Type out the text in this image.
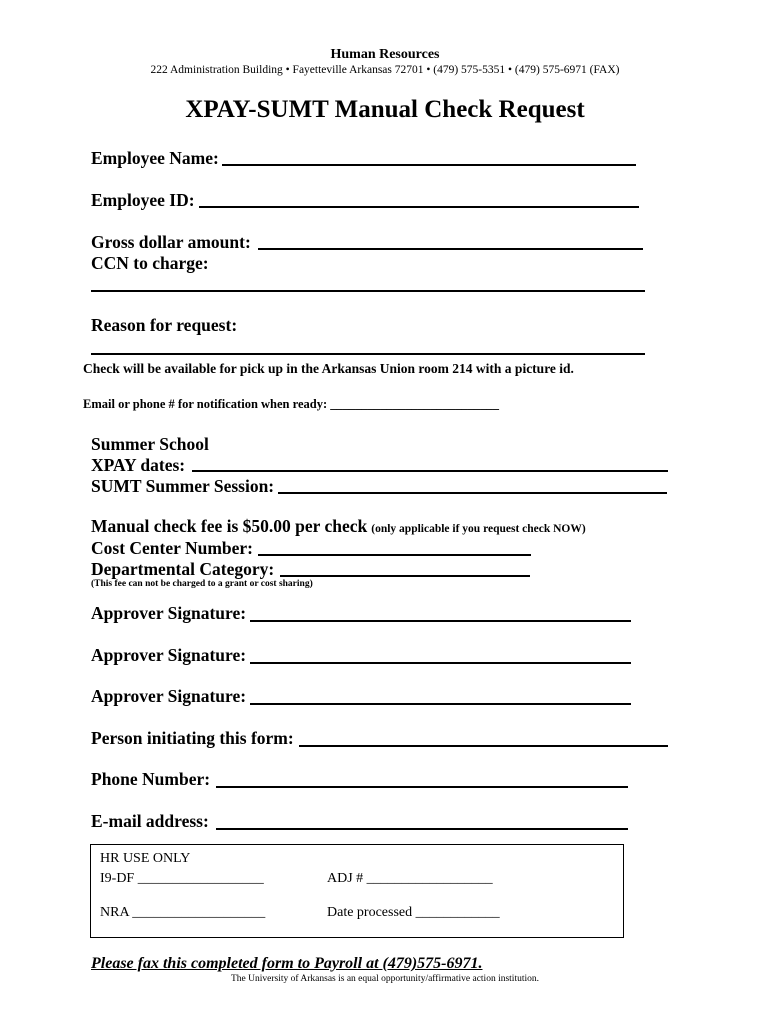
Human Resources
222 Administration Building • Fayetteville Arkansas 72701 • (479) 575-5351 • (479) 575-6971 (FAX)
XPAY-SUMT Manual Check Request
Employee Name:
Employee ID:
Gross dollar amount:
CCN to charge:
Reason for request:
Check will be available for pick up in the Arkansas Union room 214 with a picture id.
Email or phone # for notification when ready: ___________________________
Summer School
XPAY dates:
SUMT Summer Session:
Manual check fee is $50.00 per check (only applicable if you request check NOW)
Cost Center Number:
Departmental Category:
(This fee can not be charged to a grant or cost sharing)
Approver Signature:
Approver Signature:
Approver Signature:
Person initiating this form:
Phone Number:
E-mail address:
HR USE ONLY
I9-DF __________________	ADJ # __________________
NRA ___________________	Date processed ____________
Please fax this completed form to Payroll at (479)575-6971.
The University of Arkansas is an equal opportunity/affirmative action institution.
